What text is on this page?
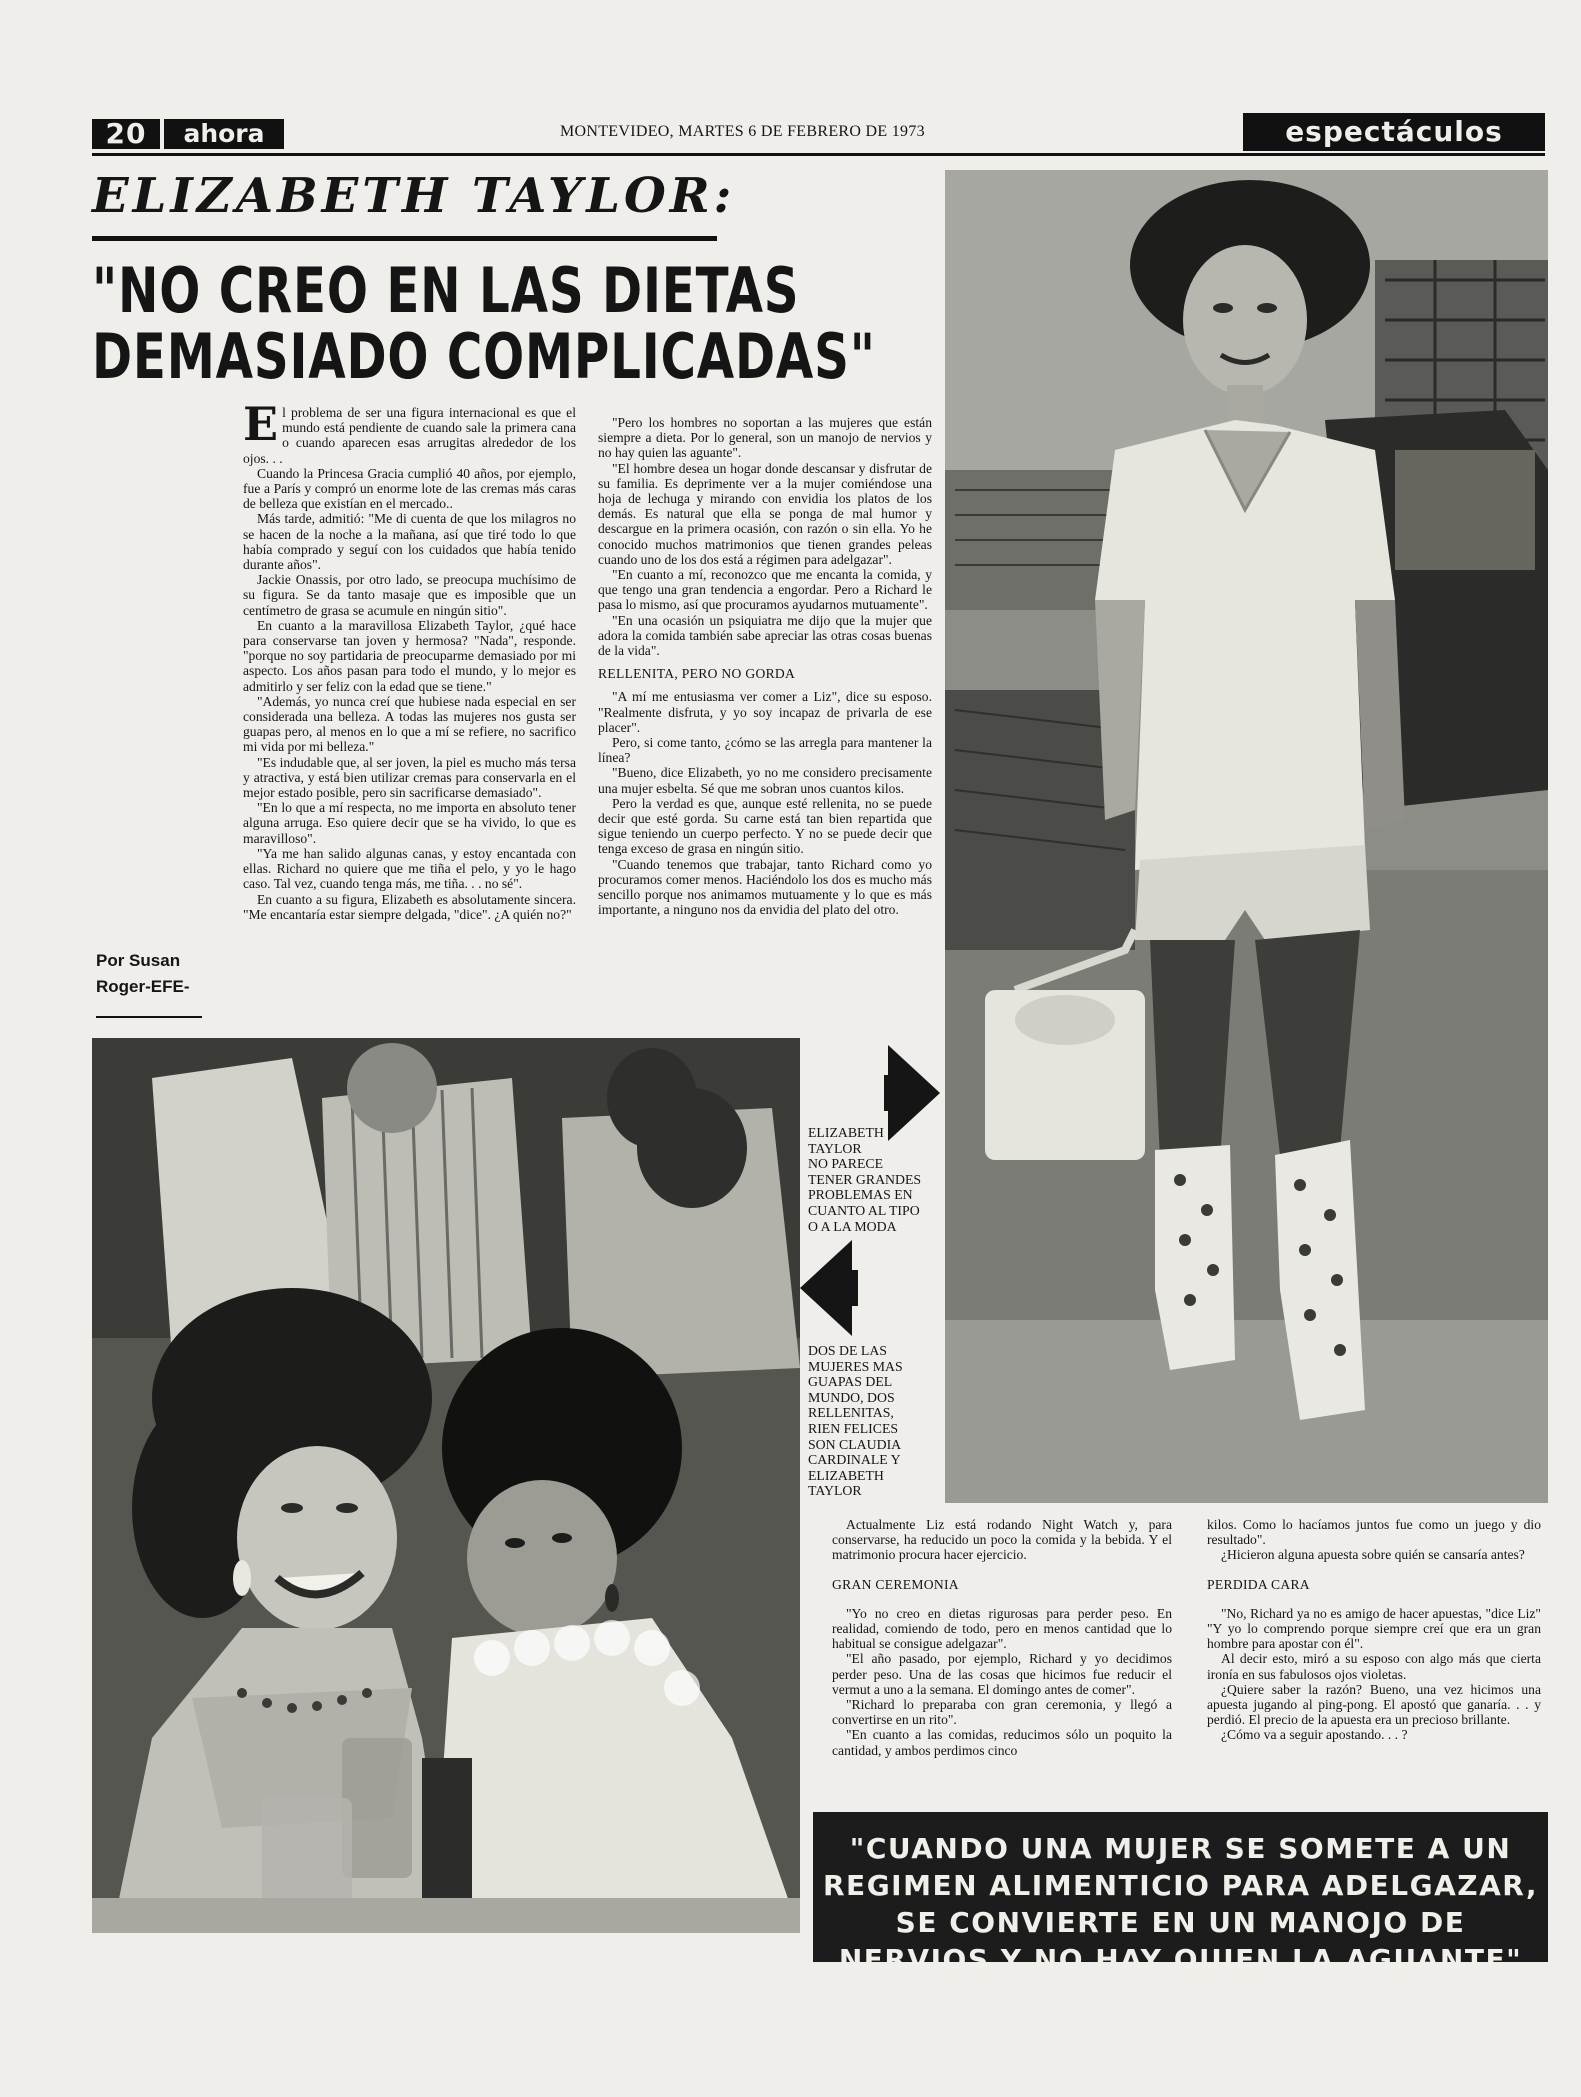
20	ahora	MONTEVIDEO, MARTES 6 DE FEBRERO DE 1973	espectáculos
ELIZABETH TAYLOR:
"NO CREO EN LAS DIETAS
DEMASIADO COMPLICADAS"
E l problema de ser una figura internacional es que el mundo está pendiente de cuando sale la primera cana o cuando aparecen esas arrugitas alrededor de los ojos. . .

Cuando la Princesa Gracia cumplió 40 años, por ejemplo, fue a París y compró un enorme lote de las cremas más caras de belleza que existían en el mercado..

Más tarde, admitió: "Me di cuenta de que los milagros no se hacen de la noche a la mañana, así que tiré todo lo que había comprado y seguí con los cuidados que había tenido durante años".

Jackie Onassis, por otro lado, se preocupa muchísimo de su figura. Se da tanto masaje que es imposible que un centímetro de grasa se acumule en ningún sitio".

En cuanto a la maravillosa Elizabeth Taylor, ¿qué hace para conservarse tan joven y hermosa? "Nada", responde. "porque no soy partidaria de preocuparme demasiado por mi aspecto. Los años pasan para todo el mundo, y lo mejor es admitirlo y ser feliz con la edad que se tiene."

"Además, yo nunca creí que hubiese nada especial en ser considerada una belleza. A todas las mujeres nos gusta ser guapas pero, al menos en lo que a mí se refiere, no sacrifico mi vida por mi belleza."

"Es indudable que, al ser joven, la piel es mucho más tersa y atractiva, y está bien utilizar cremas para conservarla en el mejor estado posible, pero sin sacrificarse demasiado".

"En lo que a mí respecta, no me importa en absoluto tener alguna arruga. Eso quiere decir que se ha vivido, lo que es maravilloso".

"Ya me han salido algunas canas, y estoy encantada con ellas. Richard no quiere que me tiña el pelo, y yo le hago caso. Tal vez, cuando tenga más, me tiña. . . no sé".

En cuanto a su figura, Elizabeth es absolutamente sincera. "Me encantaría estar siempre delgada, "dice". ¿A quién no?"

Por Susan
Roger-EFE-

"Pero los hombres no soportan a las mujeres que están siempre a dieta. Por lo general, son un manojo de nervios y no hay quien las aguante".

"El hombre desea un hogar donde descansar y disfrutar de su familia. Es deprimente ver a la mujer comiéndose una hoja de lechuga y mirando con envidia los platos de los demás. Es natural que ella se ponga de mal humor y descargue en la primera ocasión, con razón o sin ella. Yo he conocido muchos matrimonios que tienen grandes peleas cuando uno de los dos está a régimen para adelgazar".

"En cuanto a mí, reconozco que me encanta la comida, y que tengo una gran tendencia a engordar. Pero a Richard le pasa lo mismo, así que procuramos ayudarnos mutuamente".

"En una ocasión un psiquiatra me dijo que la mujer que adora la comida también sabe apreciar las otras cosas buenas de la vida".

RELLENITA, PERO NO GORDA

"A mí me entusiasma ver comer a Liz", dice su esposo. "Realmente disfruta, y yo soy incapaz de privarla de ese placer".

Pero, si come tanto, ¿cómo se las arregla para mantener la línea?

"Bueno, dice Elizabeth, yo no me considero precisamente una mujer esbelta. Sé que me sobran unos cuantos kilos.

Pero la verdad es que, aunque esté rellenita, no se puede decir que esté gorda. Su carne está tan bien repartida que sigue teniendo un cuerpo perfecto. Y no se puede decir que tenga exceso de grasa en ningún sitio.

"Cuando tenemos que trabajar, tanto Richard como yo procuramos comer menos. Haciéndolo los dos es mucho más sencillo porque nos animamos mutuamente y lo que es más importante, a ninguno nos da envidia del plato del otro.

ELIZABETH
TAYLOR
NO PARECE
TENER GRANDES
PROBLEMAS EN
CUANTO AL TIPO
O A LA MODA
DOS DE LAS
MUJERES MAS
GUAPAS DEL
MUNDO, DOS
RELLENITAS,
RIEN FELICES
SON CLAUDIA
CARDINALE Y
ELIZABETH
TAYLOR

Actualmente Liz está rodando Night Watch y, para conservarse, ha reducido un poco la comida y la bebida. Y el matrimonio procura hacer ejercicio.

GRAN CEREMONIA

"Yo no creo en dietas rigurosas para perder peso. En realidad, comiendo de todo, pero en menos cantidad que lo habitual se consigue adelgazar".

"El año pasado, por ejemplo, Richard y yo decidimos perder peso. Una de las cosas que hicimos fue reducir el vermut a uno a la semana. El domingo antes de comer".

"Richard lo preparaba con gran ceremonia, y llegó a convertirse en un rito".

"En cuanto a las comidas, reducimos sólo un poquito la cantidad, y ambos perdimos cinco

kilos. Como lo hacíamos juntos fue como un juego y dio resultado".

¿Hicieron alguna apuesta sobre quién se cansaría antes?

PERDIDA CARA

"No, Richard ya no es amigo de hacer apuestas, "dice Liz" "Y yo lo comprendo porque siempre creí que era un gran hombre para apostar con él".

Al decir esto, miró a su esposo con algo más que cierta ironía en sus fabulosos ojos violetas.

¿Quiere saber la razón? Bueno, una vez hicimos una apuesta jugando al ping-pong. El apostó que ganaría. . . y perdió. El precio de la apuesta era un precioso brillante.

¿Cómo va a seguir apostando. . . ?

"CUANDO UNA MUJER SE SOMETE A UN
REGIMEN ALIMENTICIO PARA ADELGAZAR,
SE CONVIERTE EN UN MANOJO DE
NERVIOS Y NO HAY QUIEN LA AGUANTE"
